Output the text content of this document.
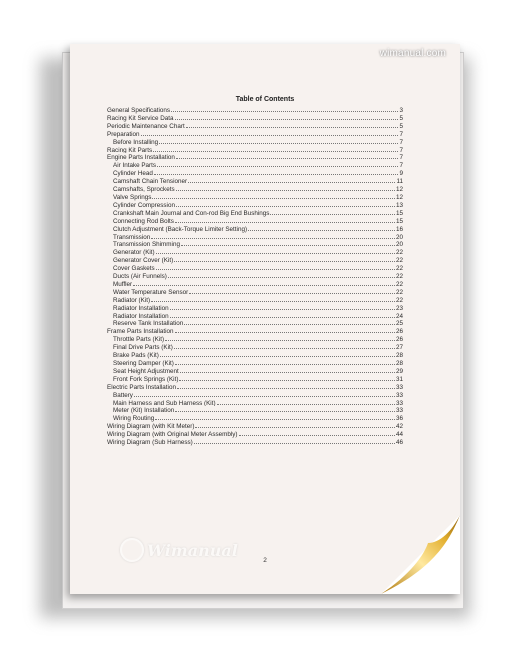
wimanual.com
Table of Contents
General Specifications	3
Racing Kit Service Data	5
Periodic Maintenance Chart	5
Preparation	7
Before Installing	7
Racing Kit Parts	7
Engine Parts Installation	7
Air Intake Parts	7
Cylinder Head	9
Camshaft Chain Tensioner	11
Camshafts, Sprockets	12
Valve Springs	12
Cylinder Compression	13
Crankshaft Main Journal and Con-rod Big End Bushings	15
Connecting Rod Bolts	15
Clutch Adjustment (Back-Torque Limiter Setting)	16
Transmission	20
Transmission Shimming	20
Generator (Kit)	22
Generator Cover (Kit)	22
Cover Gaskets	22
Ducts (Air Funnels)	22
Muffler	22
Water Temperature Sensor	22
Radiator (Kit)	22
Radiator Installation	23
Radiator Installation	24
Reserve Tank Installation	25
Frame Parts Installation	26
Throttle Parts (Kit)	26
Final Drive Parts (Kit)	27
Brake Pads (Kit)	28
Steering Damper (Kit)	28
Seat Height Adjustment	29
Front Fork Springs (Kit)	31
Electric Parts Installation	33
Battery	33
Main Harness and Sub Harness (Kit)	33
Meter (Kit) Installation	33
Wiring Routing	36
Wiring Diagram (with Kit Meter)	42
Wiring Diagram (with Original Meter Assembly)	44
Wiring Diagram (Sub Harness)	46
Wimanual
2
